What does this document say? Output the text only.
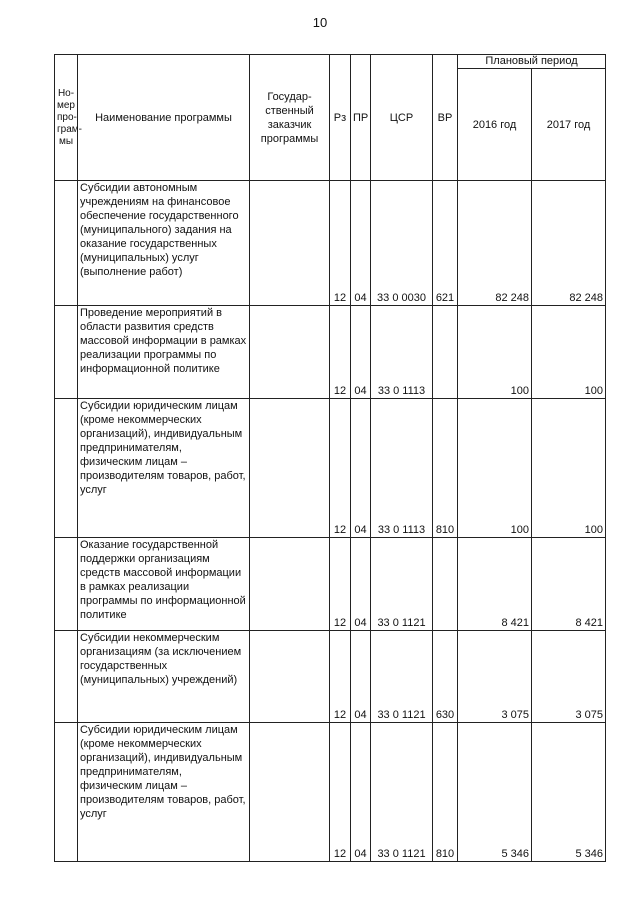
10
Но-мер про-грам-мы	Наименование программы	Государ-ственный заказчик программы	Рз	ПР	ЦСР	ВР	Плановый период	
							2016 год	2017 год
	Субсидии автономным учреждениям на финансовое обеспечение государственного (муниципального) задания на оказание государственных (муниципальных) услуг (выполнение работ)		12	04	33 0 0030	621	82 248	82 248
	Проведение мероприятий в области развития средств массовой информации в рамках реализации программы по информационной политике		12	04	33 0 1113		100	100
	Субсидии юридическим лицам (кроме некоммерческих организаций), индивидуальным предпринимателям, физическим лицам – производителям товаров, работ, услуг		12	04	33 0 1113	810	100	100
	Оказание государственной поддержки организациям средств массовой информации в рамках реализации программы по информационной политике		12	04	33 0 1121		8 421	8 421
	Субсидии некоммерческим организациям (за исключением государственных (муниципальных) учреждений)		12	04	33 0 1121	630	3 075	3 075
	Субсидии юридическим лицам (кроме некоммерческих организаций), индивидуальным предпринимателям, физическим лицам – производителям товаров, работ, услуг		12	04	33 0 1121	810	5 346	5 346
